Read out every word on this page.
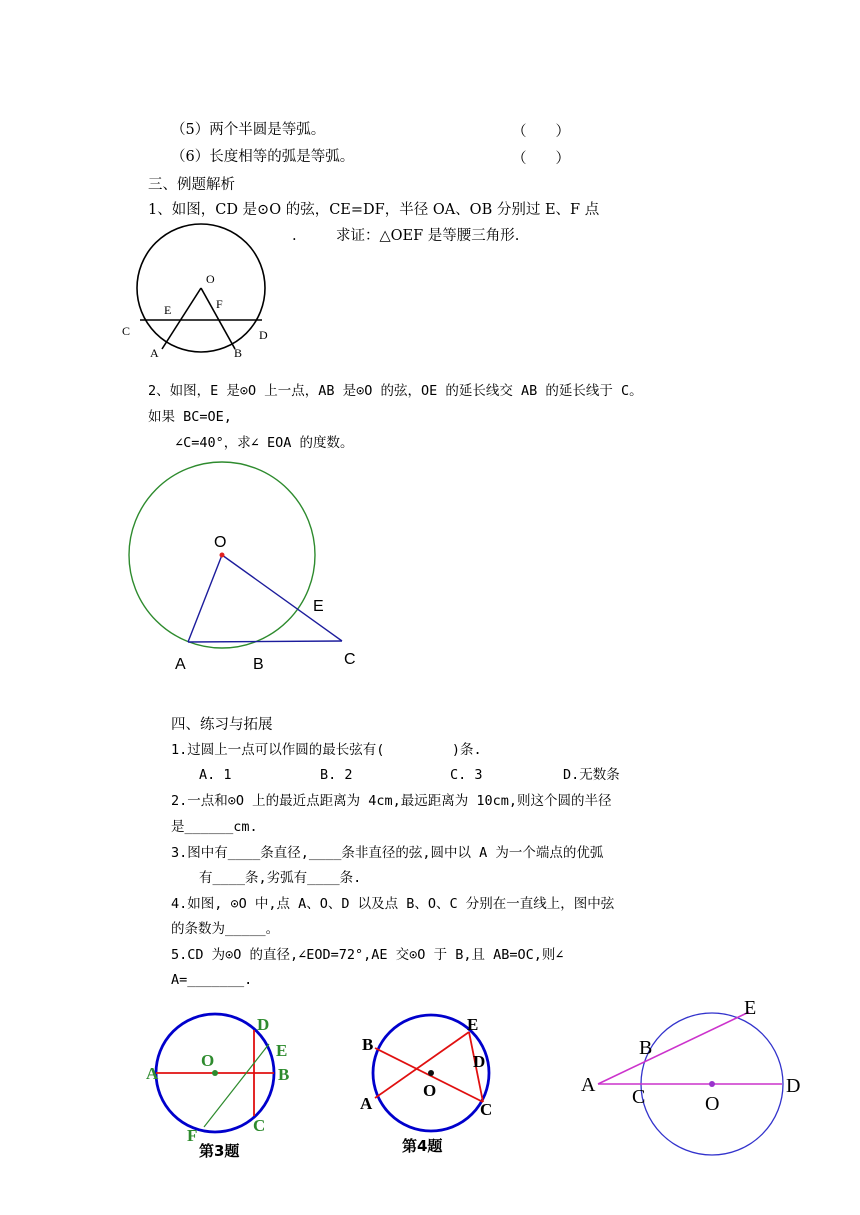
（5）两个半圆是等弧。	（　　）
（6）长度相等的弧是等弧。	（　　）
三、例题解析
1、如图，CD 是⊙O 的弦，CE=DF，半径 OA、OB 分别过 E、F 点
.	求证：△OEF 是等腰三角形.
O
E	F
C	D
A	B
2、如图，E 是⊙O 上一点，AB 是⊙O 的弦，OE 的延长线交 AB 的延长线于 C。
如果 BC=OE,
∠C=40°，求∠ EOA 的度数。
O
E
A	B	C
四、练习与拓展
1.过圆上一点可以作圆的最长弦有(　　　　　)条.
A. 1	B. 2	C. 3	D.无数条
2.一点和⊙O 上的最近点距离为 4cm,最远距离为 10cm,则这个圆的半径
是______cm.
3.图中有____条直径,____条非直径的弦,圆中以 A 为一个端点的优弧
有____条,劣弧有____条.
4.如图, ⊙O 中,点 A、O、D 以及点 B、O、C 分别在一直线上，图中弦
的条数为_____。
5.CD 为⊙O 的直径,∠EOD=72°,AE 交⊙O 于 B,且 AB=OC,则∠
A=_______.
A
O
D
E
B
C
F
第3题
B
A
O
E
D
C
第4题
A
B
C	O
D
E
